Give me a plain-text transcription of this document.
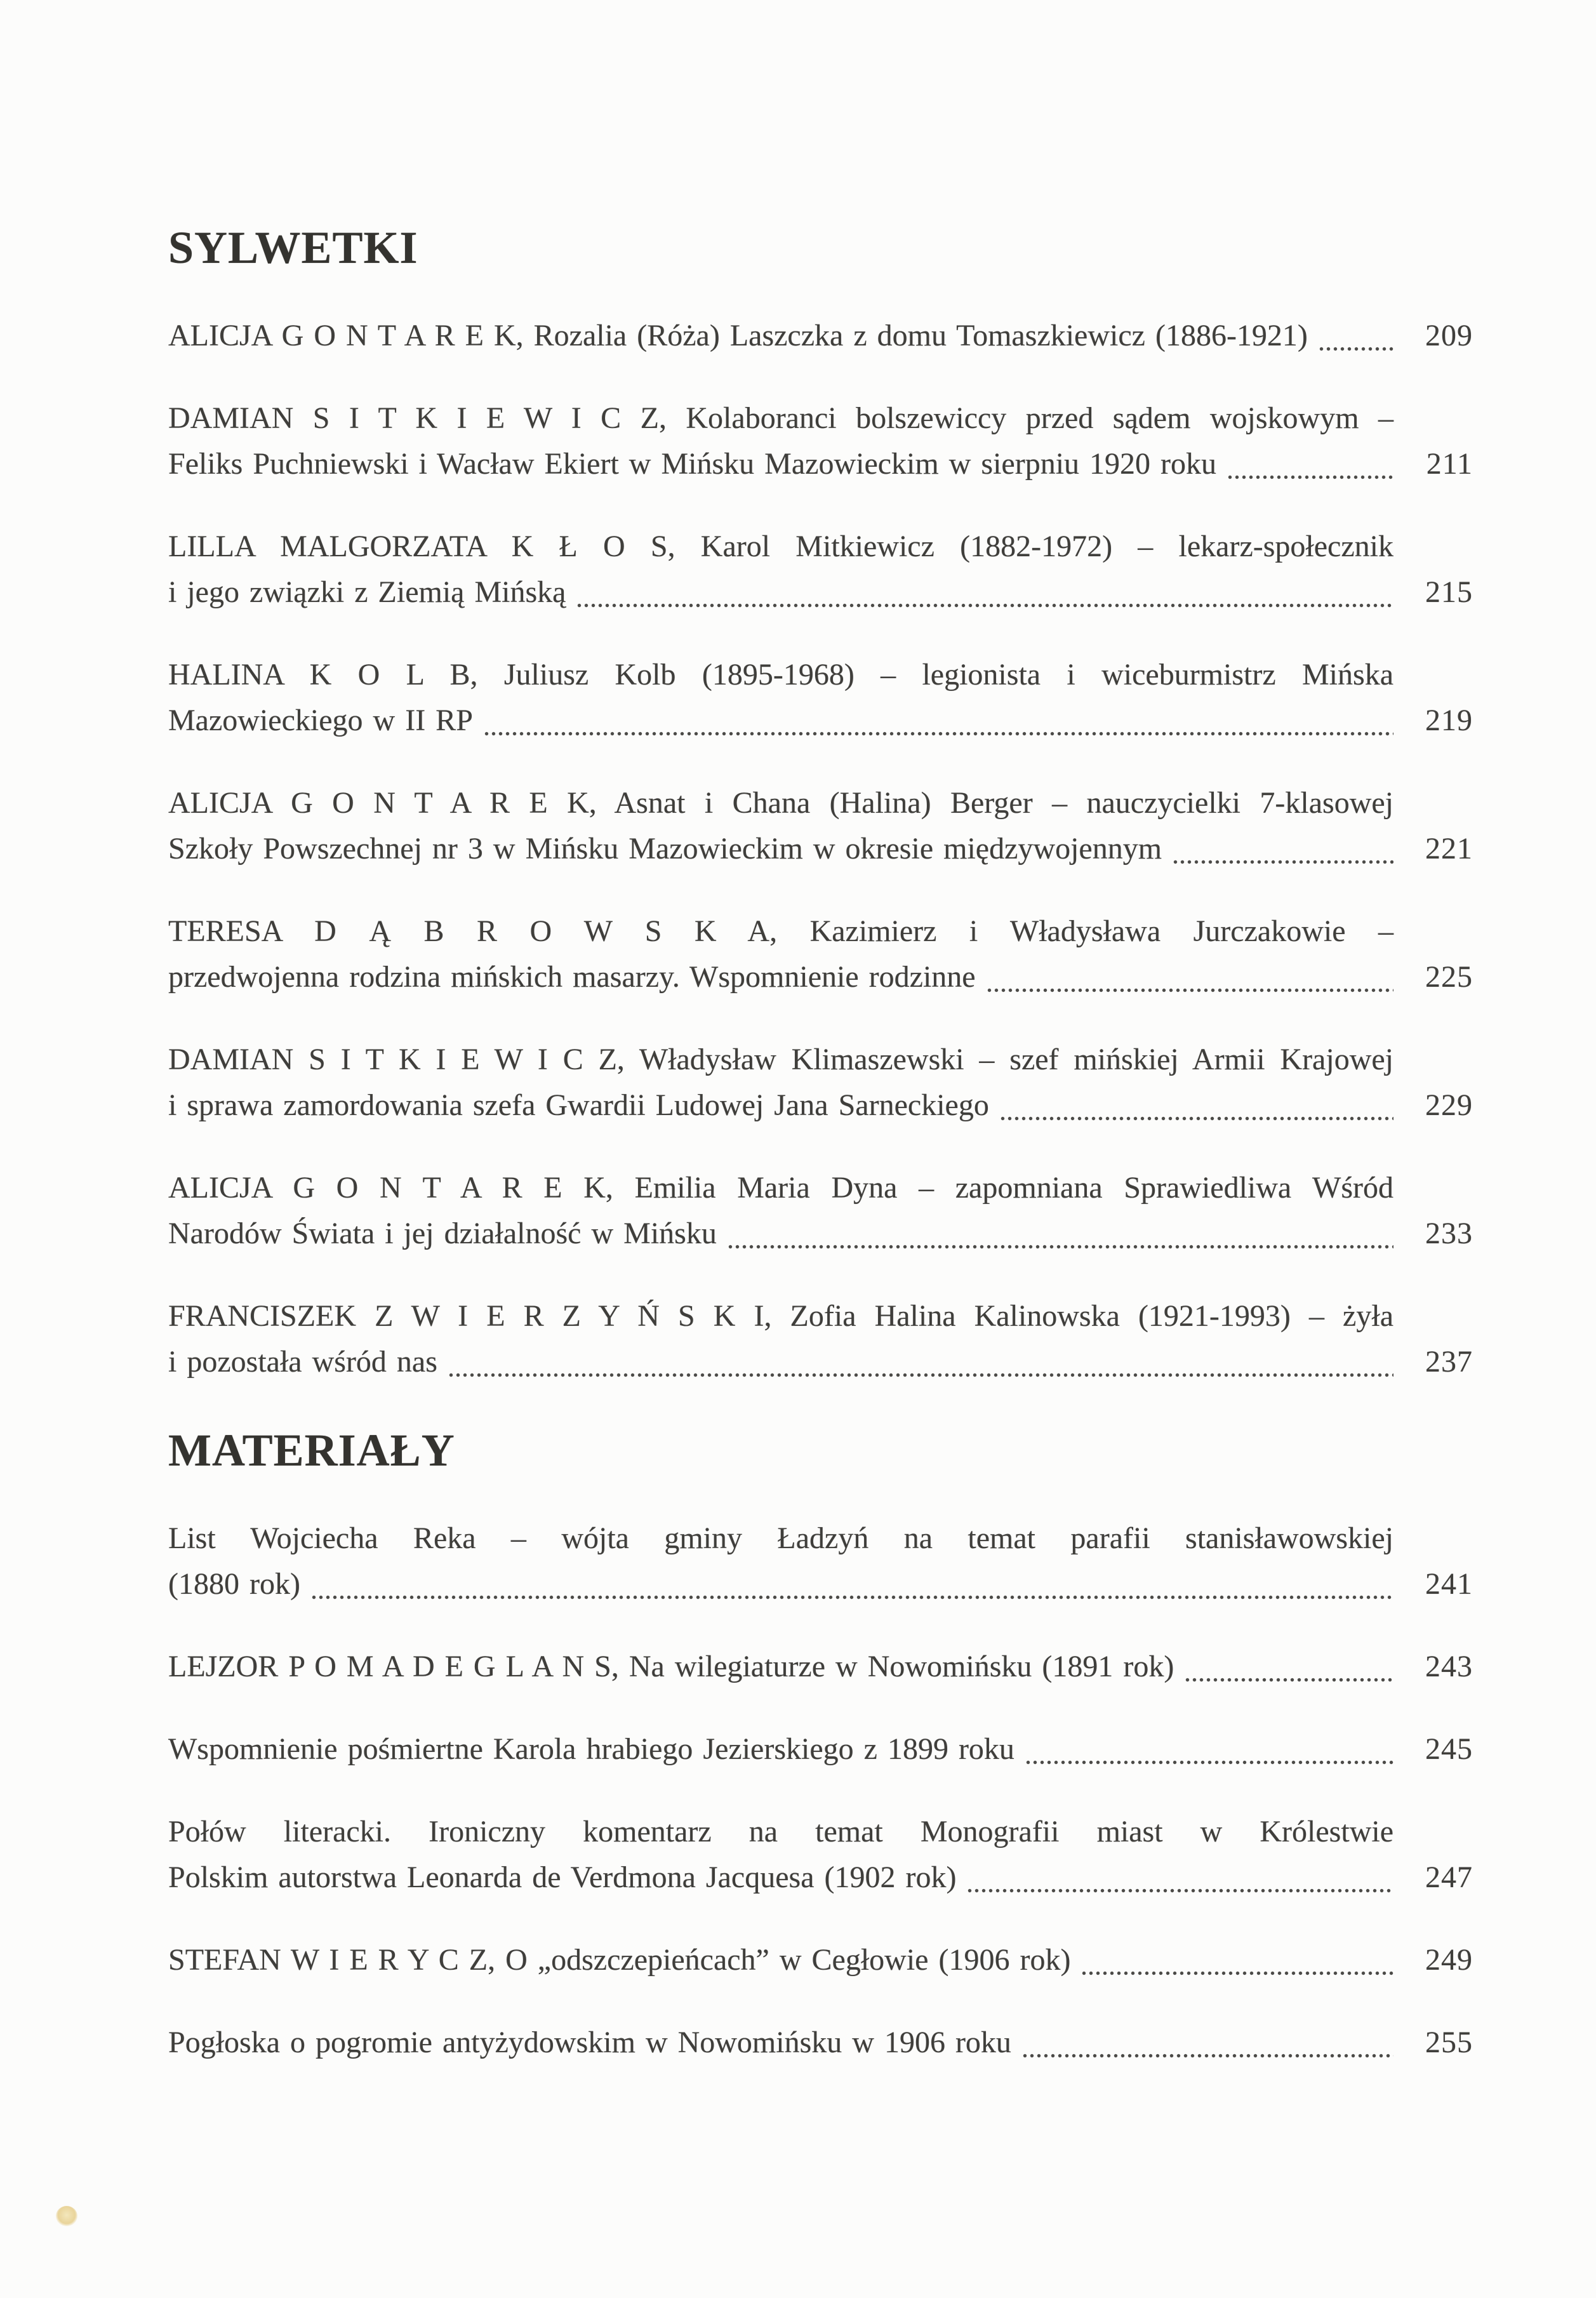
SYLWETKI
ALICJA G O N T A R E K, Rozalia (Róża) Laszczka z domu Tomaszkiewicz (1886-1921)	209
DAMIAN S I T K I E W I C Z, Kolaboranci bolszewiccy przed sądem wojskowym –
Feliks Puchniewski i Wacław Ekiert w Mińsku Mazowieckim w sierpniu 1920 roku	211
LILLA MALGORZATA K Ł O S, Karol Mitkiewicz (1882-1972) – lekarz-społecznik
i jego związki z Ziemią Mińską	215
HALINA K O L B, Juliusz Kolb (1895-1968) – legionista i wiceburmistrz Mińska
Mazowieckiego w II RP	219
ALICJA G O N T A R E K, Asnat i Chana (Halina) Berger – nauczycielki 7-klasowej
Szkoły Powszechnej nr 3 w Mińsku Mazowieckim w okresie międzywojennym	221
TERESA D Ą B R O W S K A, Kazimierz i Władysława Jurczakowie –
przedwojenna rodzina mińskich masarzy. Wspomnienie rodzinne	225
DAMIAN S I T K I E W I C Z, Władysław Klimaszewski – szef mińskiej Armii Krajowej
i sprawa zamordowania szefa Gwardii Ludowej Jana Sarneckiego	229
ALICJA G O N T A R E K, Emilia Maria Dyna – zapomniana Sprawiedliwa Wśród
Narodów Świata i jej działalność w Mińsku	233
FRANCISZEK Z W I E R Z Y Ń S K I, Zofia Halina Kalinowska (1921-1993) – żyła
i pozostała wśród nas	237
MATERIAŁY
List Wojciecha Reka – wójta gminy Ładzyń na temat parafii stanisławowskiej
(1880 rok)	241
LEJZOR P O M A D E G L A N S, Na wilegiaturze w Nowomińsku (1891 rok)	243
Wspomnienie pośmiertne Karola hrabiego Jezierskiego z 1899 roku	245
Połów literacki. Ironiczny komentarz na temat Monografii miast w Królestwie
Polskim autorstwa Leonarda de Verdmona Jacquesa (1902 rok)	247
STEFAN W I E R Y C Z, O „odszczepieńcach” w Cegłowie (1906 rok)	249
Pogłoska o pogromie antyżydowskim w Nowomińsku w 1906 roku	255
